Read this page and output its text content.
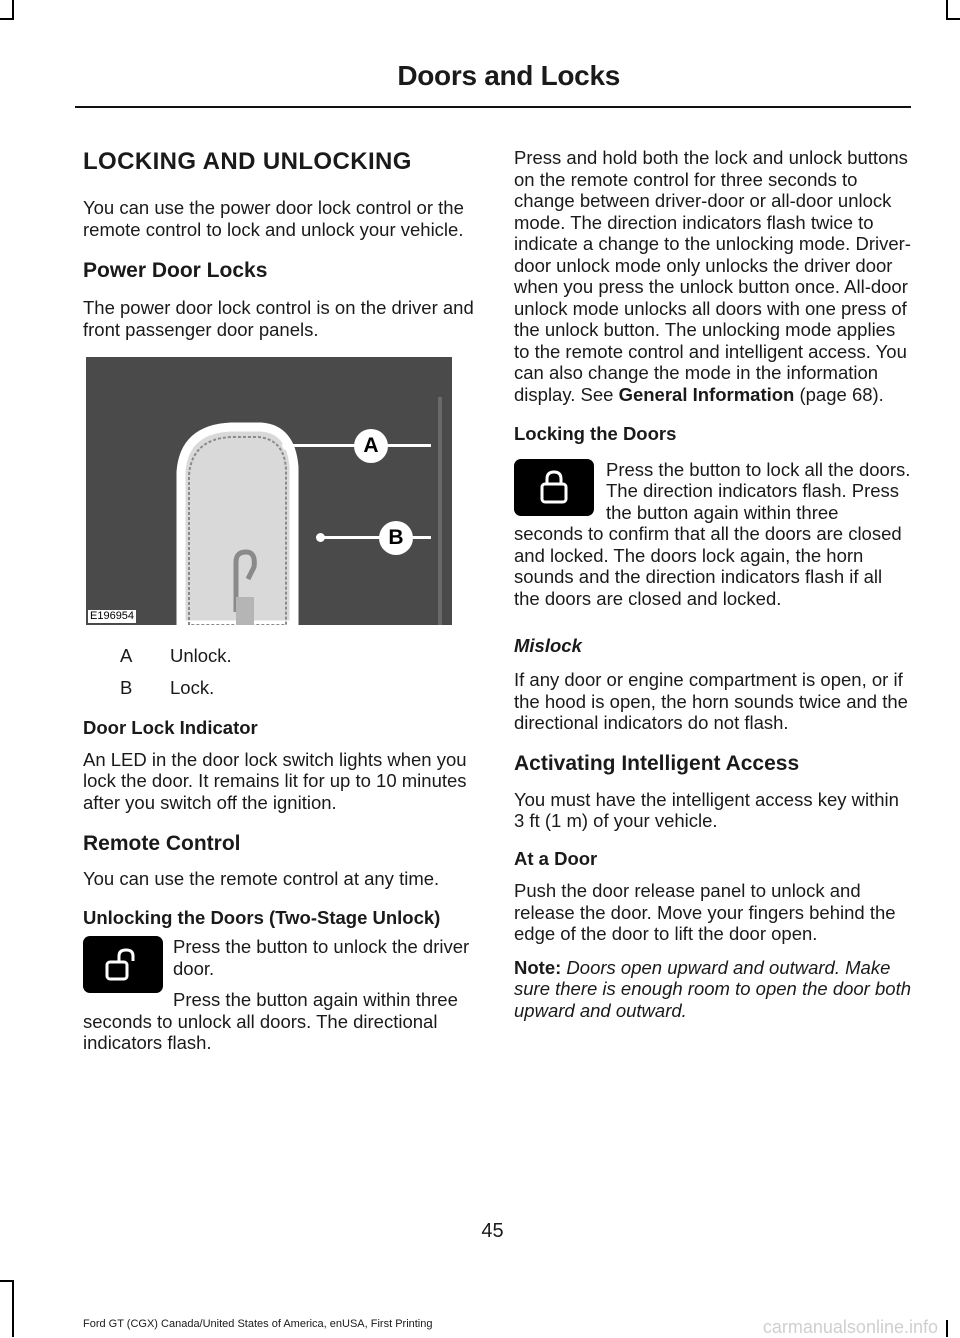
Doors and Locks
LOCKING AND UNLOCKING

You can use the power door lock control or the remote control to lock and unlock your vehicle.

Power Door Locks

The power door lock control is on the driver and front passenger door panels.

A
B
E196954
A	Unlock.
B	Lock.
Door Lock Indicator

An LED in the door lock switch lights when you lock the door. It remains lit for up to 10 minutes after you switch off the ignition.

Remote Control

You can use the remote control at any time.

Unlocking the Doors (Two-Stage Unlock)

Press the button to unlock the driver door.

Press the button again within three seconds to unlock all doors. The directional indicators flash.

Press and hold both the lock and unlock buttons on the remote control for three seconds to change between driver-door or all-door unlock mode. The direction indicators flash twice to indicate a change to the unlocking mode. Driver-door unlock mode only unlocks the driver door when you press the unlock button once. All-door unlock mode unlocks all doors with one press of the unlock button. The unlocking mode applies to the remote control and intelligent access. You can also change the mode in the information display. See General Information (page 68).

Locking the Doors

Press the button to lock all the doors. The direction indicators flash. Press the button again within three seconds to confirm that all the doors are closed and locked. The doors lock again, the horn sounds and the direction indicators flash if all the doors are closed and locked.

Mislock

If any door or engine compartment is open, or if the hood is open, the horn sounds twice and the directional indicators do not flash.

Activating Intelligent Access

You must have the intelligent access key within 3 ft (1 m) of your vehicle.

At a Door

Push the door release panel to unlock and release the door. Move your fingers behind the edge of the door to lift the door open.

Note: Doors open upward and outward. Make sure there is enough room to open the door both upward and outward.

45
Ford GT (CGX) Canada/United States of America, enUSA, First Printing	carmanualsonline.info
